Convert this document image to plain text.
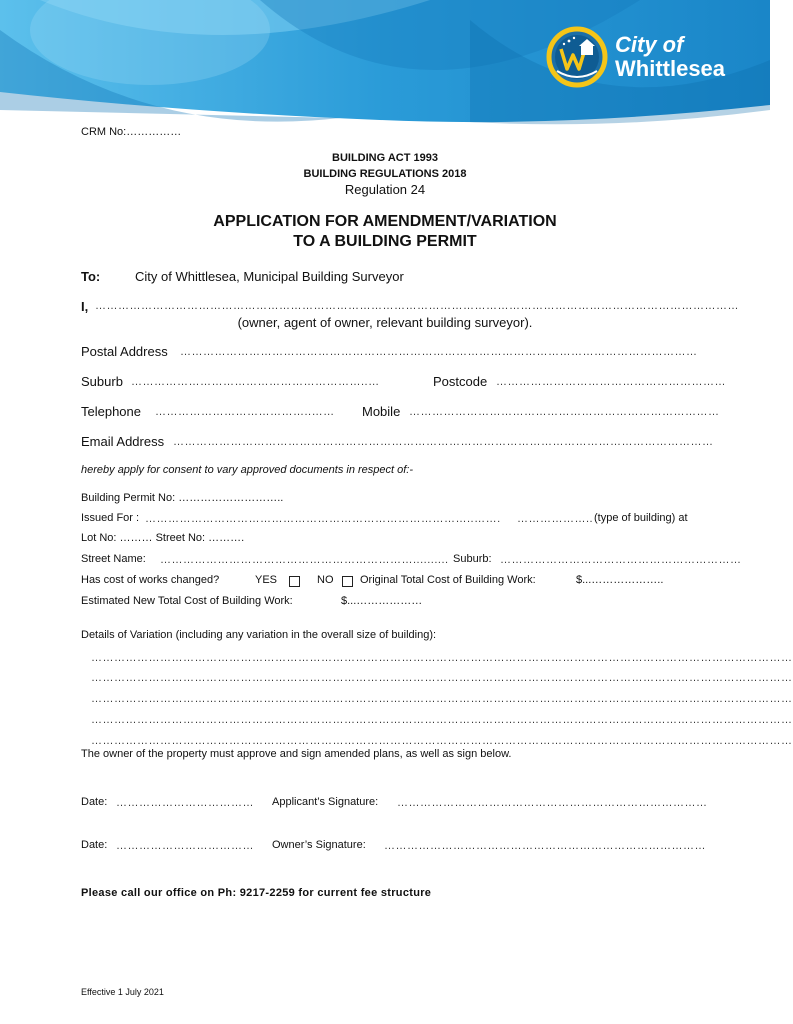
City of
Whittlesea
CRM No:……………
BUILDING ACT 1993
BUILDING REGULATIONS 2018
Regulation 24
APPLICATION FOR AMENDMENT/VARIATION
TO A BUILDING PERMIT
To:	City of Whittlesea, Municipal Building Surveyor
I, ……………………………………………………………………………………………………………………………………………………
(owner, agent of owner, relevant building surveyor).
Postal Address ………………………………………………………………………………………………………………………
Suburb ……………………………………………………..…	Postcode ……………………………………………………
Telephone …………………………………..……	Mobile ………………………………………………………………………
Email Address ……………………………………………………………………………………………………………………………
hereby apply for consent to vary approved documents in respect of:-
Building Permit No: ………………………..
Issued For : …………………………………………………………………………..…….	……………….. (type of building) at
Lot No: ……… Street No: ……….
Street Name: ………………………………………………………….......... Suburb: ………………………………………………………
Has cost of works changed?	YES	NO Original Total Cost of Building Work:	$...………………..
Estimated New Total Cost of Building Work:	$...………………
Details of Variation (including any variation in the overall size of building):
…………………………………………………………………………………………………………………………………………………………………
…………………………………………………………………………………………………………………………………………………………………
…………………………………………………………………………………………………………………………………………………………………
…………………………………………………………………………………………………………………………………………………………………
…………………………………………………………………………………………………………………………………………………………………
The owner of the property must approve and sign amended plans, as well as sign below.
Date: ………………………………	Applicant’s Signature: ………………………………………………………………………
Date: ………………………………	Owner’s Signature: …………………………………………………………………………
Please call our office on Ph: 9217-2259 for current fee structure
Effective 1 July 2021
